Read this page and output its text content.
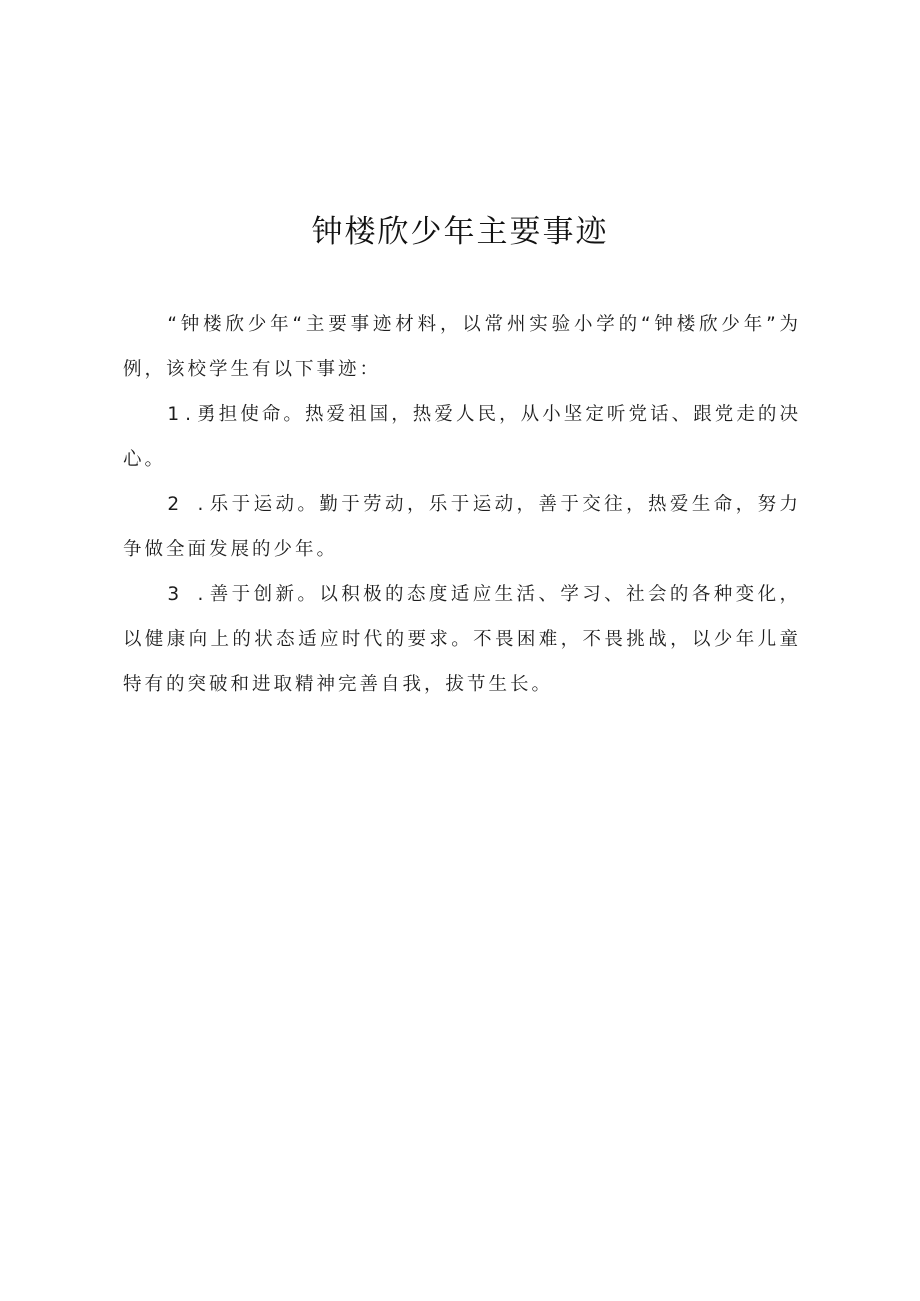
钟楼欣少年主要事迹

“钟楼欣少年“主要事迹材料，以常州实验小学的“钟楼欣少年”为例，该校学生有以下事迹：

1.勇担使命。热爱祖国，热爱人民，从小坚定听党话、跟党走的决心。

2 .乐于运动。勤于劳动，乐于运动，善于交往，热爱生命，努力争做全面发展的少年。

3 .善于创新。以积极的态度适应生活、学习、社会的各种变化，以健康向上的状态适应时代的要求。不畏困难，不畏挑战，以少年儿童特有的突破和进取精神完善自我，拔节生长。
